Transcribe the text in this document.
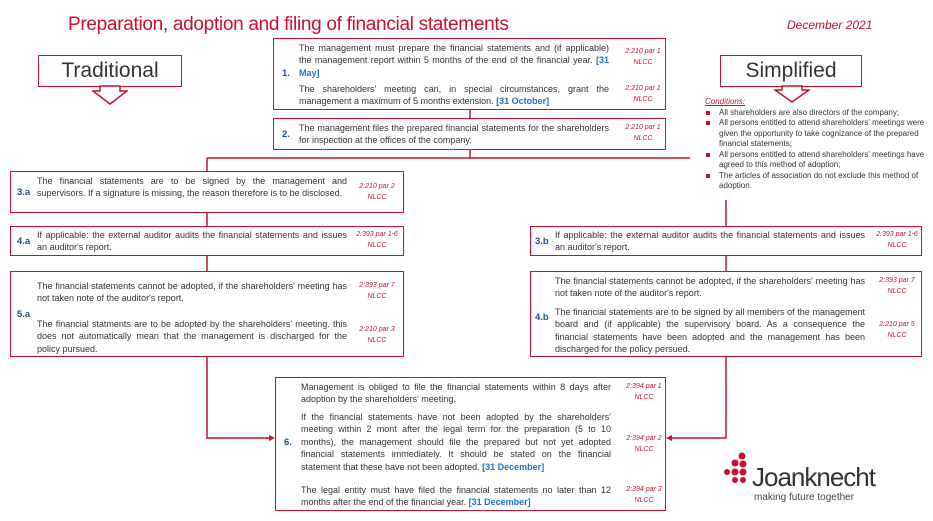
Preparation, adoption and filing of financial statements	December 2021
Traditional	Simplified
Conditions:
All shareholders are also directors of the company;
All persons entitled to attend shareholders' meetings were given the opportunity to take cognizance of the prepared financial statements;
All persons entitled to attend shareholders' meetings have agreed to this method of adoption;
The articles of association do not exclude this method of adoption.
1.
The management must prepare the financial statements and (if applicable) the management report within 5 months of the end of the financial year. [31 May]
2:210 par 1
NLCC
The shareholders' meeting can, in special circumstances, grant the management a maximum of 5 months extension. [31 October]
2:210 par 1
NLCC
2.
The management files the prepared financial statements for the shareholders for inspection at the offices of the company.
2:210 par 1
NLCC
3.a
The financial statements are to be signed by the management and supervisors. If a signature is missing, the reason therefore is to be disclosed.
2:210 par 2
NLCC
4.a
If applicable: the external auditor audits the financial statements and issues an auditor's report.
2:393 par 1-6
NLCC
5.a
The financial statements cannot be adopted, if the shareholders' meeting has not taken note of the auditor's report.
2:393 par 7
NLCC
The financial statments are to be adopted by the shareholders' meeting. this does not automatically mean that the management is discharged for the policy pursued.
2:210 par 3
NLCC
3.b
If applicable: the external auditor audits the financial statements and issues an auditor's report.
2:393 par 1-6
NLCC
4.b
The financial statements cannot be adopted, if the shareholders' meeting has not taken note of the auditor's report.
2:393 par 7
NLCC
The financial statements are to be signed by all members of the management board and (if applicable) the supervisory board. As a consequence the financial statements have been adopted and the management has been discharged for the policy persued.
2:210 par 5
NLCC
6.
Management is obliged to file the financial statements within 8 days after adoption by the shareholders' meeting.
2:394 par 1
NLCC
If the financial statements have not been adopted by the shareholders' meeting within 2 mont after the legal term for the preparation (5 to 10 months), the management should file the prepared but not yet adopted financial statements immediately. It should be stated on the financial statement that these have not been adopted. [31 December]
2:394 par 2
NLCC
The legal entity must have filed the financial statements no later than 12 months after the end of the financial year. [31 December]
2:394 par 3
NLCC
Joanknecht
making future together
